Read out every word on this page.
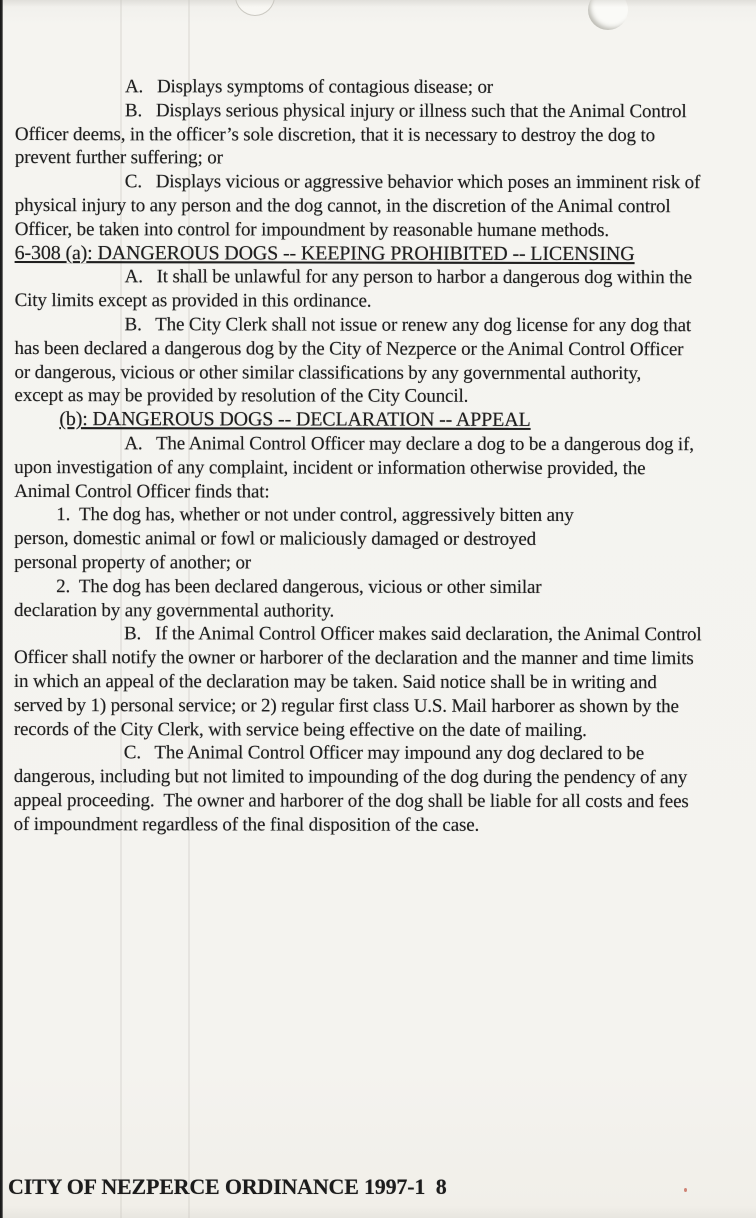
A.   Displays symptoms of contagious disease; or

B.   Displays serious physical injury or illness such that the Animal Control
Officer deems, in the officer’s sole discretion, that it is necessary to destroy the dog to
prevent further suffering; or

C.   Displays vicious or aggressive behavior which poses an imminent risk of
physical injury to any person and the dog cannot, in the discretion of the Animal control
Officer, be taken into control for impoundment by reasonable humane methods.

6-308 (a): DANGEROUS DOGS -- KEEPING PROHIBITED -- LICENSING

A.   It shall be unlawful for any person to harbor a dangerous dog within the
City limits except as provided in this ordinance.

B.   The City Clerk shall not issue or renew any dog license for any dog that
has been declared a dangerous dog by the City of Nezperce or the Animal Control Officer
or dangerous, vicious or other similar classifications by any governmental authority,
except as may be provided by resolution of the City Council.

(b): DANGEROUS DOGS -- DECLARATION -- APPEAL

A.   The Animal Control Officer may declare a dog to be a dangerous dog if,
upon investigation of any complaint, incident or information otherwise provided, the
Animal Control Officer finds that:

1.  The dog has, whether or not under control, aggressively bitten any
person, domestic animal or fowl or maliciously damaged or destroyed
personal property of another; or

2.  The dog has been declared dangerous, vicious or other similar
declaration by any governmental authority.

B.   If the Animal Control Officer makes said declaration, the Animal Control
Officer shall notify the owner or harborer of the declaration and the manner and time limits
in which an appeal of the declaration may be taken. Said notice shall be in writing and
served by 1) personal service; or 2) regular first class U.S. Mail harborer as shown by the
records of the City Clerk, with service being effective on the date of mailing.

C.   The Animal Control Officer may impound any dog declared to be
dangerous, including but not limited to impounding of the dog during the pendency of any
appeal proceeding.  The owner and harborer of the dog shall be liable for all costs and fees
of impoundment regardless of the final disposition of the case.

CITY OF NEZPERCE ORDINANCE 1997-1  8
